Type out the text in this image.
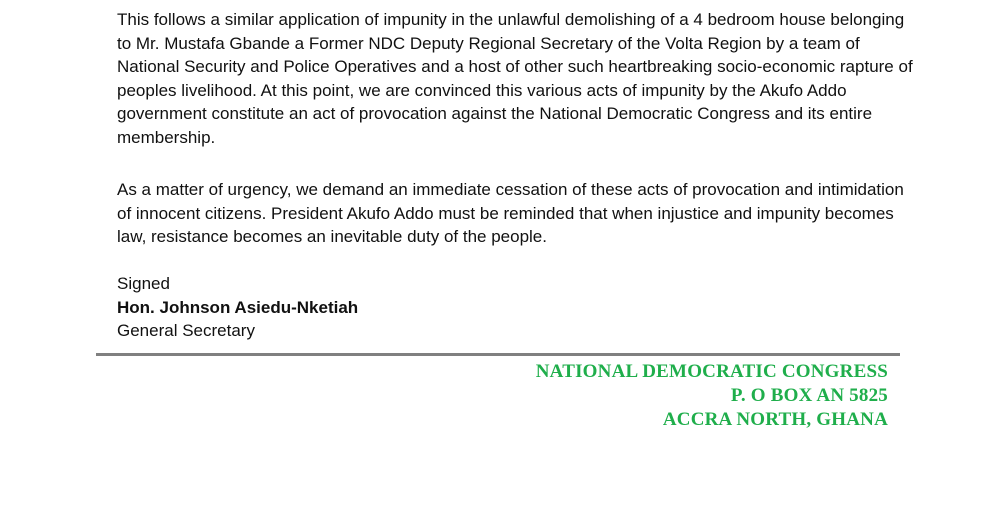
This follows a similar application of impunity in the unlawful demolishing of a 4 bedroom house belonging to Mr. Mustafa Gbande a Former NDC Deputy Regional Secretary of the Volta Region by a team of National Security and Police Operatives and a host of other such heartbreaking socio-economic rapture of peoples livelihood. At this point, we are convinced this various acts of impunity by the Akufo Addo government constitute an act of provocation against the National Democratic Congress and its entire membership.

As a matter of urgency, we demand an immediate cessation of these acts of provocation and intimidation of innocent citizens. President Akufo Addo must be reminded that when injustice and impunity becomes law, resistance becomes an inevitable duty of the people.

Signed
Hon. Johnson Asiedu-Nketiah
General Secretary
NATIONAL DEMOCRATIC CONGRESS
P. O BOX AN 5825
ACCRA NORTH, GHANA
